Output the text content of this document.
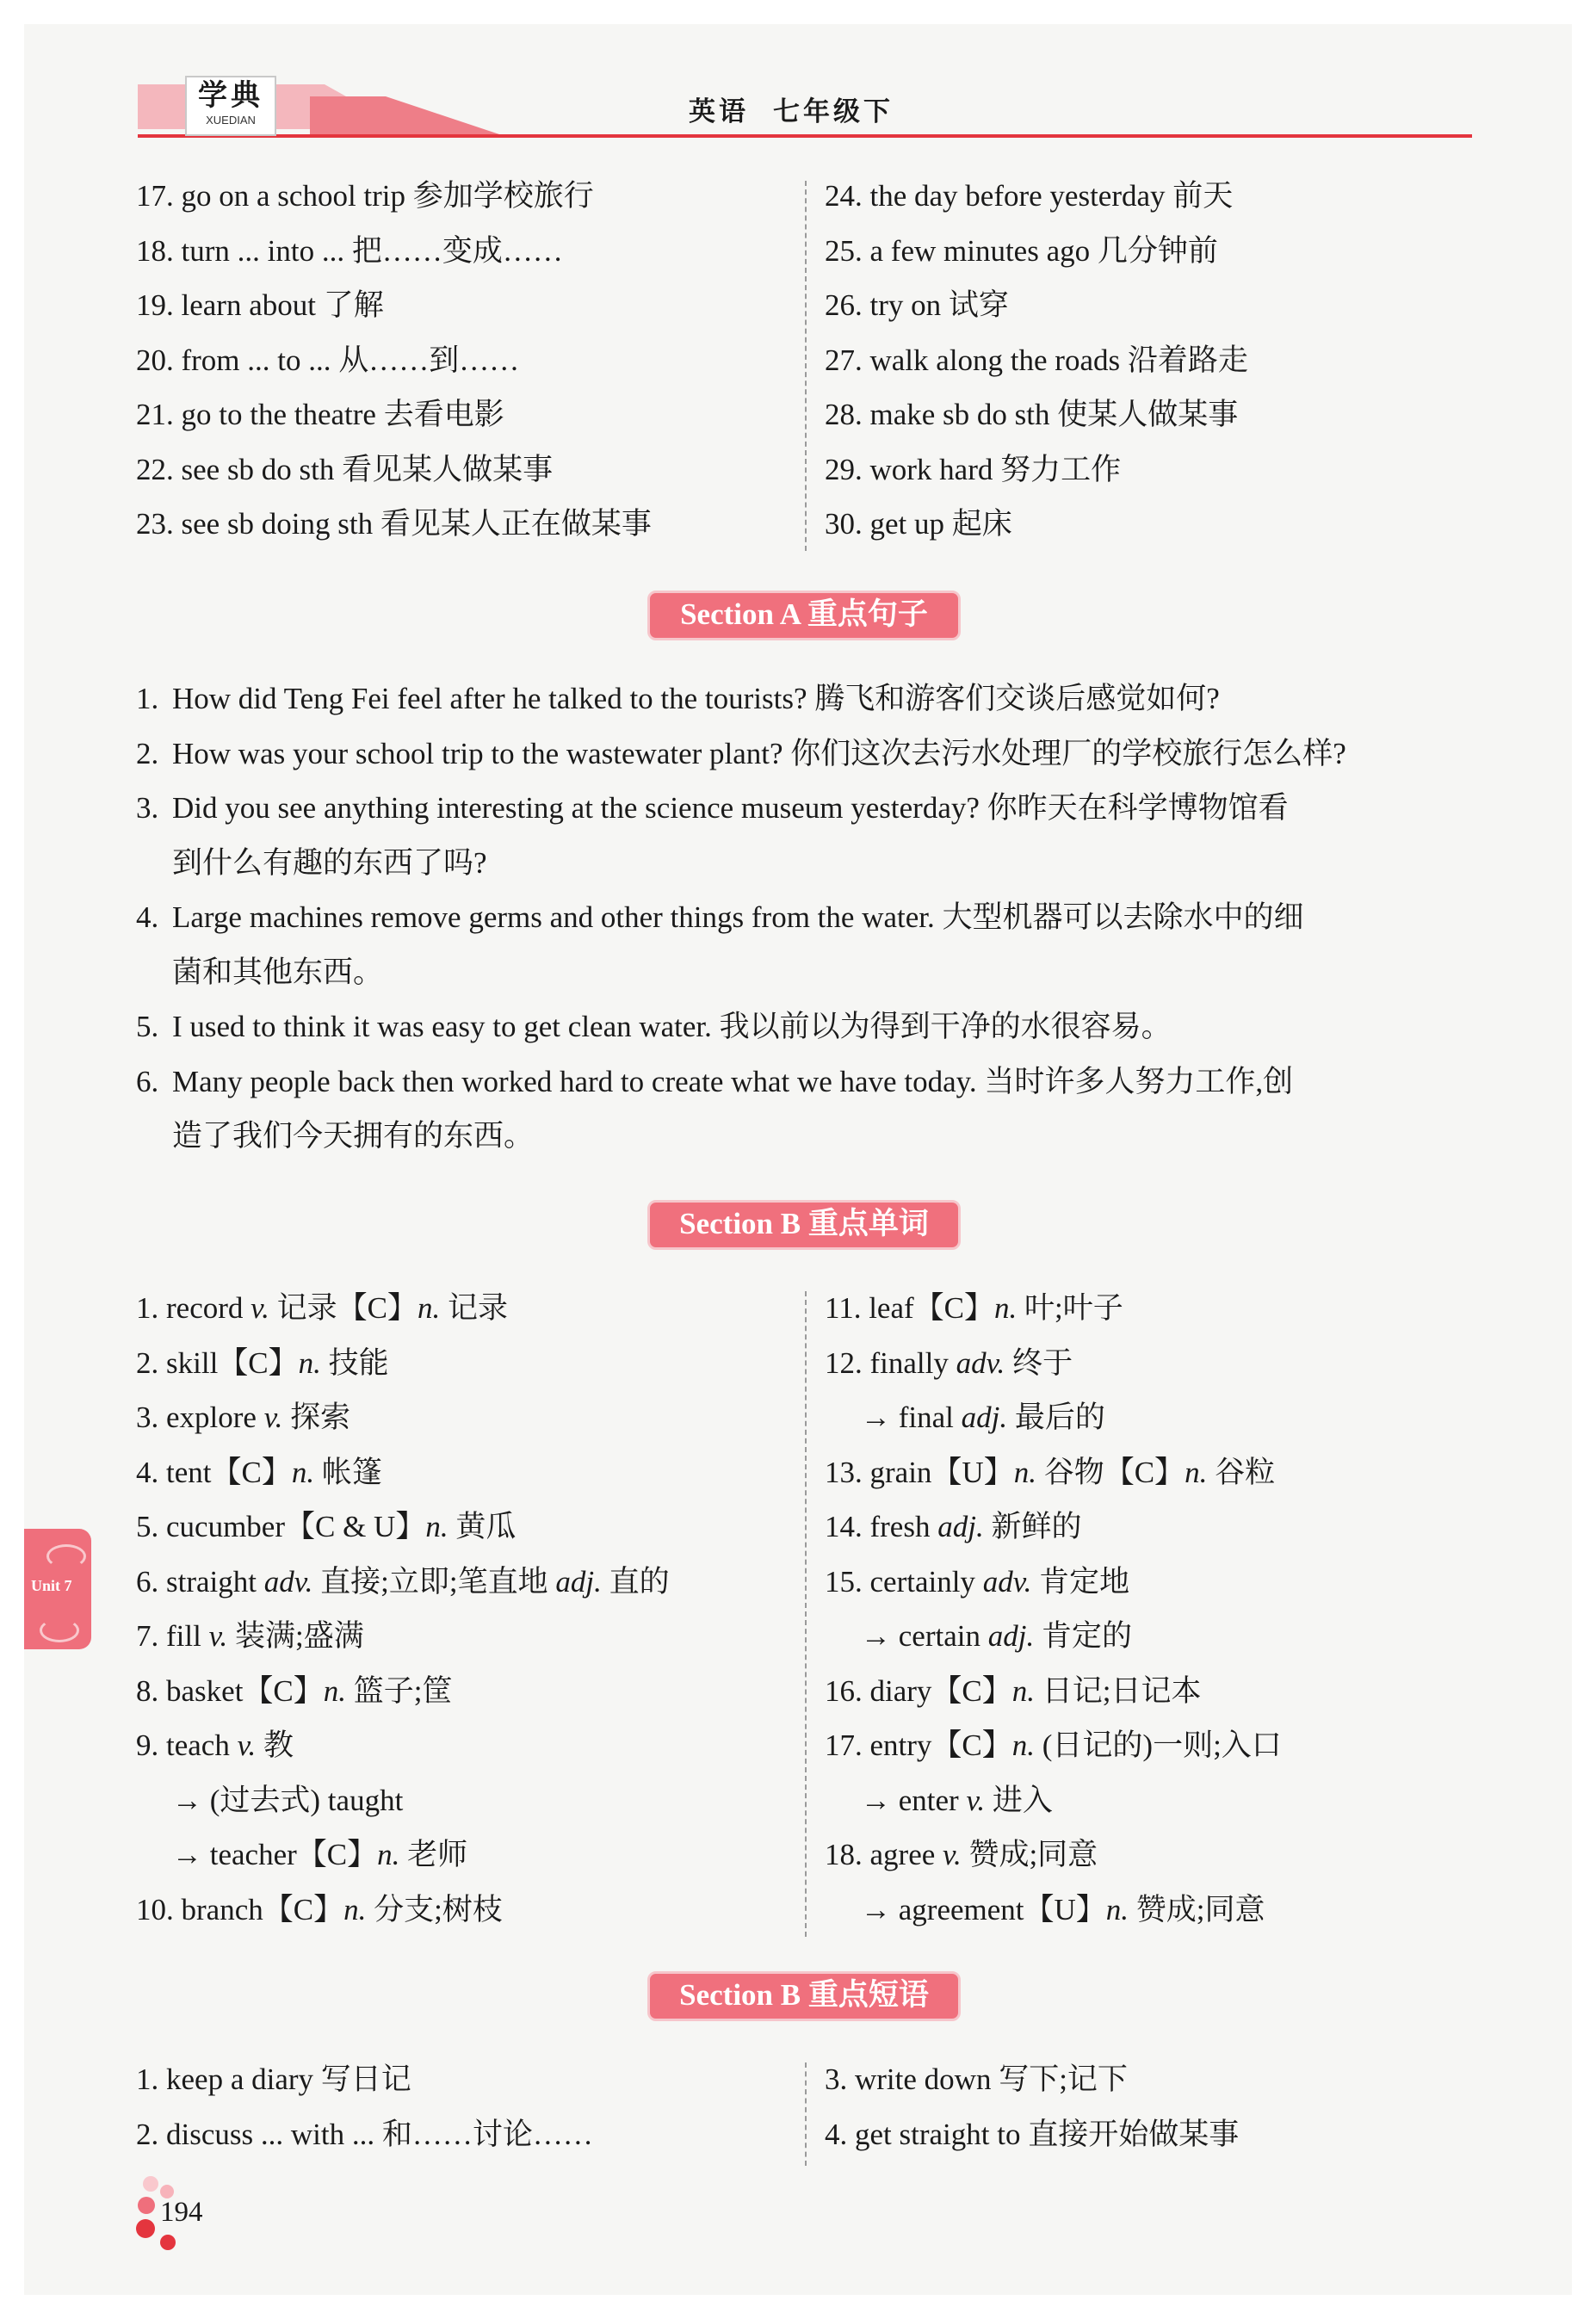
学典
XUEDIAN	英语 七年级下
17. go on a school trip 参加学校旅行
18. turn ... into ... 把……变成……
19. learn about 了解
20. from ... to ... 从……到……
21. go to the theatre 去看电影
22. see sb do sth 看见某人做某事
23. see sb doing sth 看见某人正在做某事
24. the day before yesterday 前天
25. a few minutes ago 几分钟前
26. try on 试穿
27. walk along the roads 沿着路走
28. make sb do sth 使某人做某事
29. work hard 努力工作
30. get up 起床
Section A 重点句子
1. How did Teng Fei feel after he talked to the tourists? 腾飞和游客们交谈后感觉如何?
2. How was your school trip to the wastewater plant? 你们这次去污水处理厂的学校旅行怎么样?
3. Did you see anything interesting at the science museum yesterday? 你昨天在科学博物馆看
到什么有趣的东西了吗?
4. Large machines remove germs and other things from the water. 大型机器可以去除水中的细
菌和其他东西。
5. I used to think it was easy to get clean water. 我以前以为得到干净的水很容易。
6. Many people back then worked hard to create what we have today. 当时许多人努力工作,创
造了我们今天拥有的东西。
Section B 重点单词
1. record v. 记录【C】n. 记录
2. skill【C】n. 技能
3. explore v. 探索
4. tent【C】n. 帐篷
5. cucumber【C & U】n. 黄瓜
6. straight adv. 直接;立即;笔直地 adj. 直的
7. fill v. 装满;盛满
8. basket【C】n. 篮子;筐
9. teach v. 教
→ (过去式) taught
→ teacher【C】n. 老师
10. branch【C】n. 分支;树枝
11. leaf【C】n. 叶;叶子
12. finally adv. 终于
→ final adj. 最后的
13. grain【U】n. 谷物【C】n. 谷粒
14. fresh adj. 新鲜的
15. certainly adv. 肯定地
→ certain adj. 肯定的
16. diary【C】n. 日记;日记本
17. entry【C】n. (日记的)一则;入口
→ enter v. 进入
18. agree v. 赞成;同意
→ agreement【U】n. 赞成;同意
Section B 重点短语
1. keep a diary 写日记
2. discuss ... with ... 和……讨论……
3. write down 写下;记下
4. get straight to 直接开始做某事
Unit 7
194
